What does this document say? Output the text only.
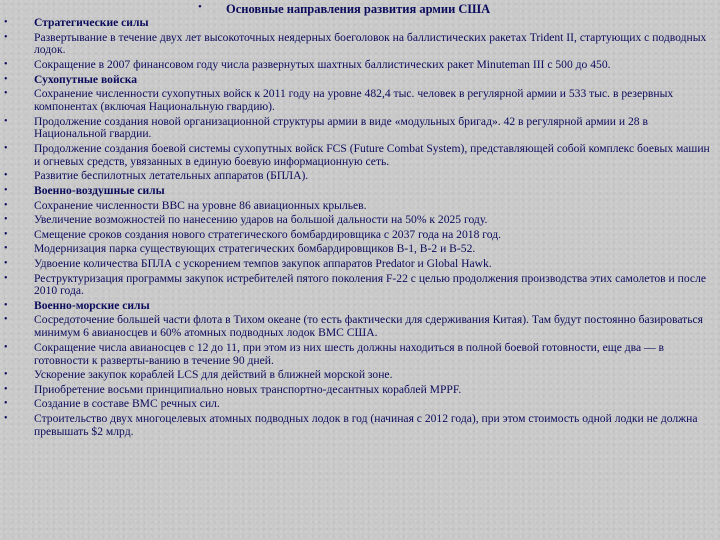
• Основные направления развития армии США
• Стратегические силы
• Развертывание в течение двух лет высокоточных неядерных боеголовок на баллистических ракетах Trident II, стартующих с подводных лодок.
• Сокращение в 2007 финансовом году числа развернутых шахтных баллистических ракет Minuteman III с 500 до 450.
• Сухопутные войска
• Сохранение численности сухопутных войск к 2011 году на уровне 482,4 тыс. человек в регулярной армии и 533 тыс. в резервных компонентах (включая Национальную гвардию).
• Продолжение создания новой организационной структуры армии в виде «модульных бригад». 42 в регулярной армии и 28 в Национальной гвардии.
• Продолжение создания боевой системы сухопутных войск FCS (Future Combat System), представляющей собой комплекс боевых машин и огневых средств, увязанных в единую боевую информационную сеть.
• Развитие беспилотных летательных аппаратов (БПЛА).
• Военно-воздушные силы
• Сохранение численности ВВС на уровне 86 авиационных крыльев.
• Увеличение возможностей по нанесению ударов на большой дальности на 50% к 2025 году.
• Смещение сроков создания нового стратегического бомбардировщика с 2037 года на 2018 год.
• Модернизация парка существующих стратегических бомбардировщиков B-1, B-2 и B-52.
• Удвоение количества БПЛА с ускорением темпов закупок аппаратов Predator и Global Hawk.
• Реструктуризация программы закупок истребителей пятого поколения F-22 с целью продолжения производства этих самолетов и после 2010 года.
• Военно-морские силы
• Сосредоточение большей части флота в Тихом океане (то есть фактически для сдерживания Китая). Там будут постоянно базироваться минимум 6 авианосцев и 60% атомных подводных лодок ВМС США.
• Сокращение числа авианосцев с 12 до 11, при этом из них шесть должны находиться в полной боевой готовности, еще два — в готовности к разверты-ванию в течение 90 дней.
• Ускорение закупок кораблей LCS для действий в ближней морской зоне.
• Приобретение восьми принципиально новых транспортно-десантных кораблей MPPF.
• Создание в составе ВМС речных сил.
• Строительство двух многоцелевых атомных подводных лодок в год (начиная с 2012 года), при этом стоимость одной лодки не должна превышать $2 млрд.
